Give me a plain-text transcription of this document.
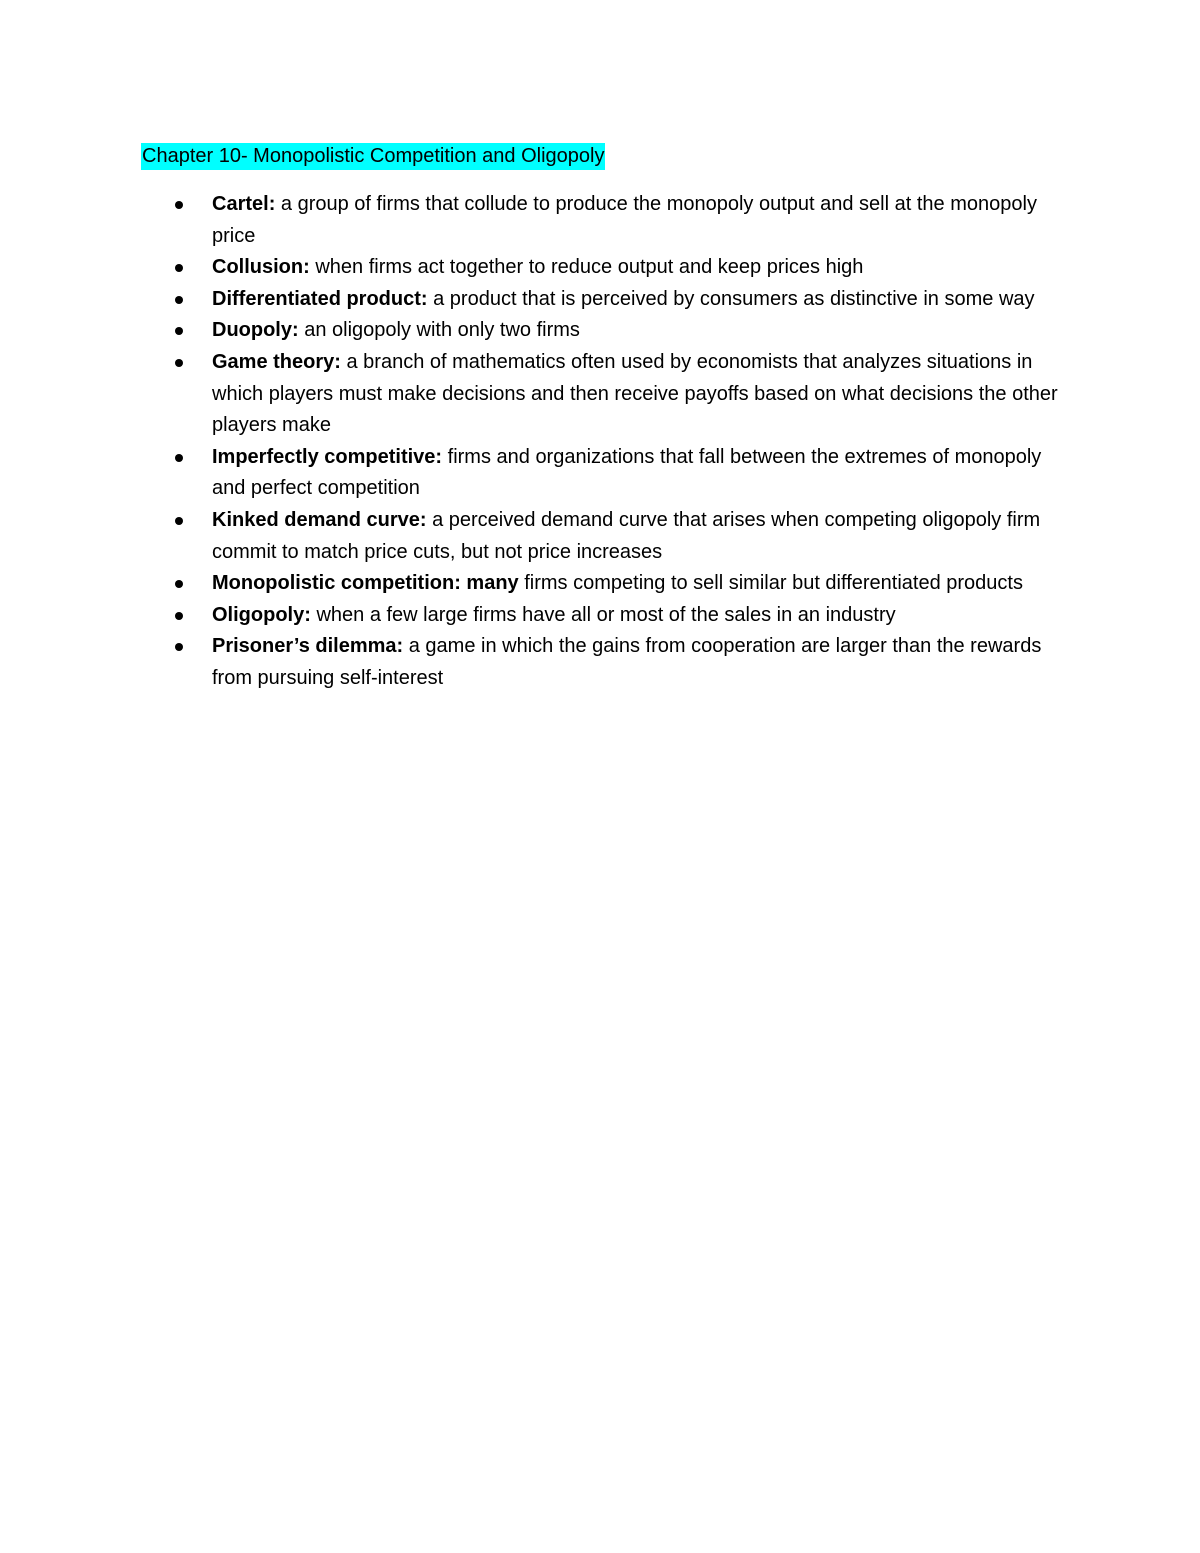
Chapter 10- Monopolistic Competition and Oligopoly
Cartel: a group of firms that collude to produce the monopoly output and sell at the monopoly price
Collusion: when firms act together to reduce output and keep prices high
Differentiated product: a product that is perceived by consumers as distinctive in some way
Duopoly: an oligopoly with only two firms
Game theory: a branch of mathematics often used by economists that analyzes situations in which players must make decisions and then receive payoffs based on what decisions the other players make
Imperfectly competitive: firms and organizations that fall between the extremes of monopoly and perfect competition
Kinked demand curve: a perceived demand curve that arises when competing oligopoly firm commit to match price cuts, but not price increases
Monopolistic competition: many firms competing to sell similar but differentiated products
Oligopoly: when a few large firms have all or most of the sales in an industry
Prisoner’s dilemma: a game in which the gains from cooperation are larger than the rewards from pursuing self-interest
